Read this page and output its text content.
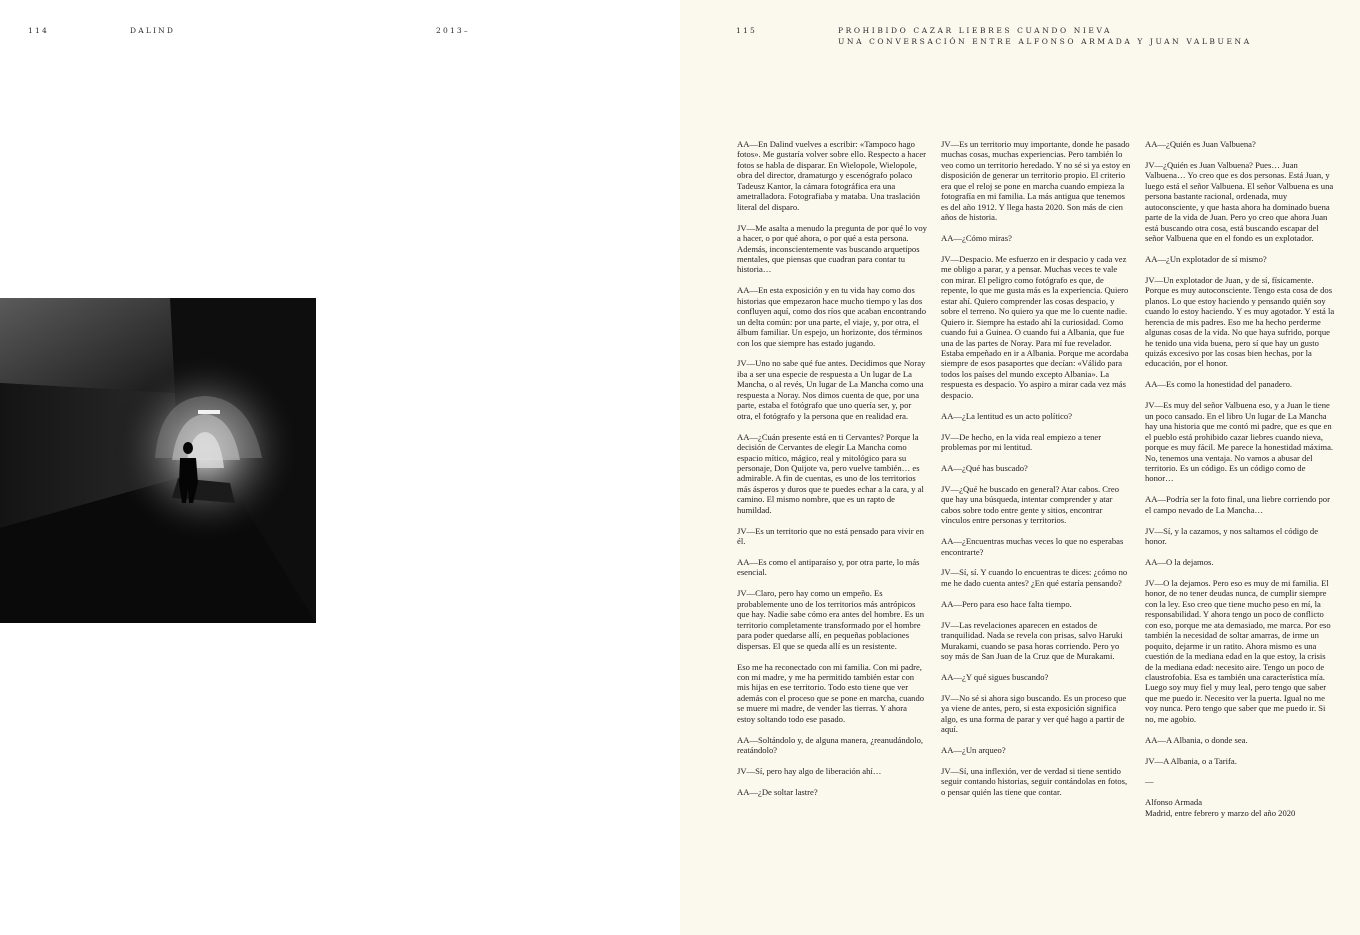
114	DALIND	2013–	115	PROHIBIDO CAZAR LIEBRES CUANDO NIEVA
UNA CONVERSACIÓN ENTRE ALFONSO ARMADA Y JUAN VALBUENA

AA—En Dalind vuelves a escribir: «Tampoco hago fotos». Me gustaría volver sobre ello. Respecto a hacer fotos se habla de disparar. En Wielopole, Wielopole, obra del director, dramaturgo y escenógrafo polaco Tadeusz Kantor, la cámara fotográfica era una ametralladora. Fotografiaba y mataba. Una traslación literal del disparo.

JV—Me asalta a menudo la pregunta de por qué lo voy a hacer, o por qué ahora, o por qué a esta persona. Además, inconscientemente vas buscando arquetipos mentales, que piensas que cuadran para contar tu historia…

AA—En esta exposición y en tu vida hay como dos historias que empezaron hace mucho tiempo y las dos confluyen aquí, como dos ríos que acaban encontrando un delta común: por una parte, el viaje, y, por otra, el álbum familiar. Un espejo, un horizonte, dos términos con los que siempre has estado jugando.

JV—Uno no sabe qué fue antes. Decidimos que Noray iba a ser una especie de respuesta a Un lugar de La Mancha, o al revés, Un lugar de La Mancha como una respuesta a Noray. Nos dimos cuenta de que, por una parte, estaba el fotógrafo que uno quería ser, y, por otra, el fotógrafo y la persona que en realidad era.

AA—¿Cuán presente está en ti Cervantes? Porque la decisión de Cervantes de elegir La Mancha como espacio mítico, mágico, real y mitológico para su personaje, Don Quijote va, pero vuelve también… es admirable. A fin de cuentas, es uno de los territorios más ásperos y duros que te puedes echar a la cara, y al camino. El mismo nombre, que es un rapto de humildad.

JV—Es un territorio que no está pensado para vivir en él.

AA—Es como el antiparaíso y, por otra parte, lo más esencial.

JV—Claro, pero hay como un empeño. Es probablemente uno de los territorios más antrópicos que hay. Nadie sabe cómo era antes del hombre. Es un territorio completamente transformado por el hombre para poder quedarse allí, en pequeñas poblaciones dispersas. El que se queda allí es un resistente.

Eso me ha reconectado con mi familia. Con mi padre, con mi madre, y me ha permitido también estar con mis hijas en ese territorio. Todo esto tiene que ver además con el proceso que se pone en marcha, cuando se muere mi madre, de vender las tierras. Y ahora estoy soltando todo ese pasado.

AA—Soltándolo y, de alguna manera, ¿reanudándolo, reatándolo?

JV—Sí, pero hay algo de liberación ahí…

AA—¿De soltar lastre?

JV—Es un territorio muy importante, donde he pasado muchas cosas, muchas experiencias. Pero también lo veo como un territorio heredado. Y no sé si ya estoy en disposición de generar un territorio propio. El criterio era que el reloj se pone en marcha cuando empieza la fotografía en mi familia. La más antigua que tenemos es del año 1912. Y llega hasta 2020. Son más de cien años de historia.

AA—¿Cómo miras?

JV—Despacio. Me esfuerzo en ir despacio y cada vez me obligo a parar, y a pensar. Muchas veces te vale con mirar. El peligro como fotógrafo es que, de repente, lo que me gusta más es la experiencia. Quiero estar ahí. Quiero comprender las cosas despacio, y sobre el terreno. No quiero ya que me lo cuente nadie. Quiero ir. Siempre ha estado ahí la curiosidad. Como cuando fui a Guinea. O cuando fui a Albania, que fue una de las partes de Noray. Para mí fue revelador. Estaba empeñado en ir a Albania. Porque me acordaba siempre de esos pasaportes que decían: «Válido para todos los países del mundo excepto Albania». La respuesta es despacio. Yo aspiro a mirar cada vez más despacio.

AA—¿La lentitud es un acto político?

JV—De hecho, en la vida real empiezo a tener problemas por mi lentitud.

AA—¿Qué has buscado?

JV—¿Qué he buscado en general? Atar cabos. Creo que hay una búsqueda, intentar comprender y atar cabos sobre todo entre gente y sitios, encontrar vínculos entre personas y territorios.

AA—¿Encuentras muchas veces lo que no esperabas encontrarte?

JV—Sí, sí. Y cuando lo encuentras te dices: ¿cómo no me he dado cuenta antes? ¿En qué estaría pensando?

AA—Pero para eso hace falta tiempo.

JV—Las revelaciones aparecen en estados de tranquilidad. Nada se revela con prisas, salvo Haruki Murakami, cuando se pasa horas corriendo. Pero yo soy más de San Juan de la Cruz que de Murakami.

AA—¿Y qué sigues buscando?

JV—No sé si ahora sigo buscando. Es un proceso que ya viene de antes, pero, si esta exposición significa algo, es una forma de parar y ver qué hago a partir de aquí.

AA—¿Un arqueo?

JV—Sí, una inflexión, ver de verdad si tiene sentido seguir contando historias, seguir contándolas en fotos, o pensar quién las tiene que contar.

AA—¿Quién es Juan Valbuena?

JV—¿Quién es Juan Valbuena? Pues… Juan Valbuena… Yo creo que es dos personas. Está Juan, y luego está el señor Valbuena. El señor Valbuena es una persona bastante racional, ordenada, muy autoconsciente, y que hasta ahora ha dominado buena parte de la vida de Juan. Pero yo creo que ahora Juan está buscando otra cosa, está buscando escapar del señor Valbuena que en el fondo es un explotador.

AA—¿Un explotador de sí mismo?

JV—Un explotador de Juan, y de sí, físicamente. Porque es muy autoconsciente. Tengo esta cosa de dos planos. Lo que estoy haciendo y pensando quién soy cuando lo estoy haciendo. Y es muy agotador. Y está la herencia de mis padres. Eso me ha hecho perderme algunas cosas de la vida. No que haya sufrido, porque he tenido una vida buena, pero sí que hay un gusto quizás excesivo por las cosas bien hechas, por la educación, por el honor.

AA—Es como la honestidad del panadero.

JV—Es muy del señor Valbuena eso, y a Juan le tiene un poco cansado. En el libro Un lugar de La Mancha hay una historia que me contó mi padre, que es que en el pueblo está prohibido cazar liebres cuando nieva, porque es muy fácil. Me parece la honestidad máxima. No, tenemos una ventaja. No vamos a abusar del territorio. Es un código. Es un código como de honor…

AA—Podría ser la foto final, una liebre corriendo por el campo nevado de La Mancha…

JV—Sí, y la cazamos, y nos saltamos el código de honor.

AA—O la dejamos.

JV—O la dejamos. Pero eso es muy de mi familia. El honor, de no tener deudas nunca, de cumplir siempre con la ley. Eso creo que tiene mucho peso en mí, la responsabilidad. Y ahora tengo un poco de conflicto con eso, porque me ata demasiado, me marca. Por eso también la necesidad de soltar amarras, de irme un poquito, dejarme ir un ratito. Ahora mismo es una cuestión de la mediana edad en la que estoy, la crisis de la mediana edad: necesito aire. Tengo un poco de claustrofobia. Esa es también una característica mía. Luego soy muy fiel y muy leal, pero tengo que saber que me puedo ir. Necesito ver la puerta. Igual no me voy nunca. Pero tengo que saber que me puedo ir. Si no, me agobio.

AA—A Albania, o donde sea.

JV—A Albania, o a Tarifa.

—

Alfonso Armada

Madrid, entre febrero y marzo del año 2020
